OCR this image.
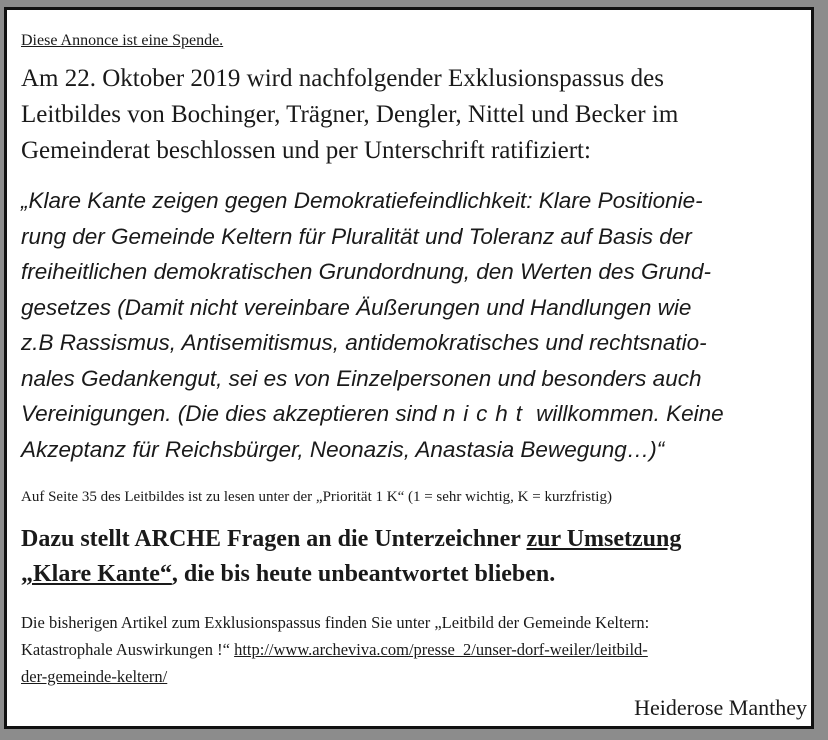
Diese Annonce ist eine Spende.
Am 22. Oktober 2019 wird nachfolgender Exklusionspassus des
Leitbildes von Bochinger, Trägner, Dengler, Nittel und Becker im
Gemeinderat beschlossen und per Unterschrift ratifiziert:
„Klare Kante zeigen gegen Demokratiefeindlichkeit: Klare Positionie-
rung der Gemeinde Keltern für Pluralität und Toleranz auf Basis der
freiheitlichen demokratischen Grundordnung, den Werten des Grund-
gesetzes (Damit nicht vereinbare Äußerungen und Handlungen wie
z.B Rassismus, Antisemitismus, antidemokratisches und rechtsnatio-
nales Gedankengut, sei es von Einzelpersonen und besonders auch
Vereinigungen. (Die dies akzeptieren sind nicht willkommen. Keine
Akzeptanz für Reichsbürger, Neonazis, Anastasia Bewegung…)“
Auf Seite 35 des Leitbildes ist zu lesen unter der „Priorität 1 K“ (1 = sehr wichtig, K = kurzfristig)
Dazu stellt ARCHE Fragen an die Unterzeichner zur Umsetzung
„Klare Kante“, die bis heute unbeantwortet blieben.
Die bisherigen Artikel zum Exklusionspassus finden Sie unter „Leitbild der Gemeinde Keltern:
Katastrophale Auswirkungen !“ http://www.archeviva.com/presse_2/unser-dorf-weiler/leitbild-
der-gemeinde-keltern/
Heiderose Manthey
